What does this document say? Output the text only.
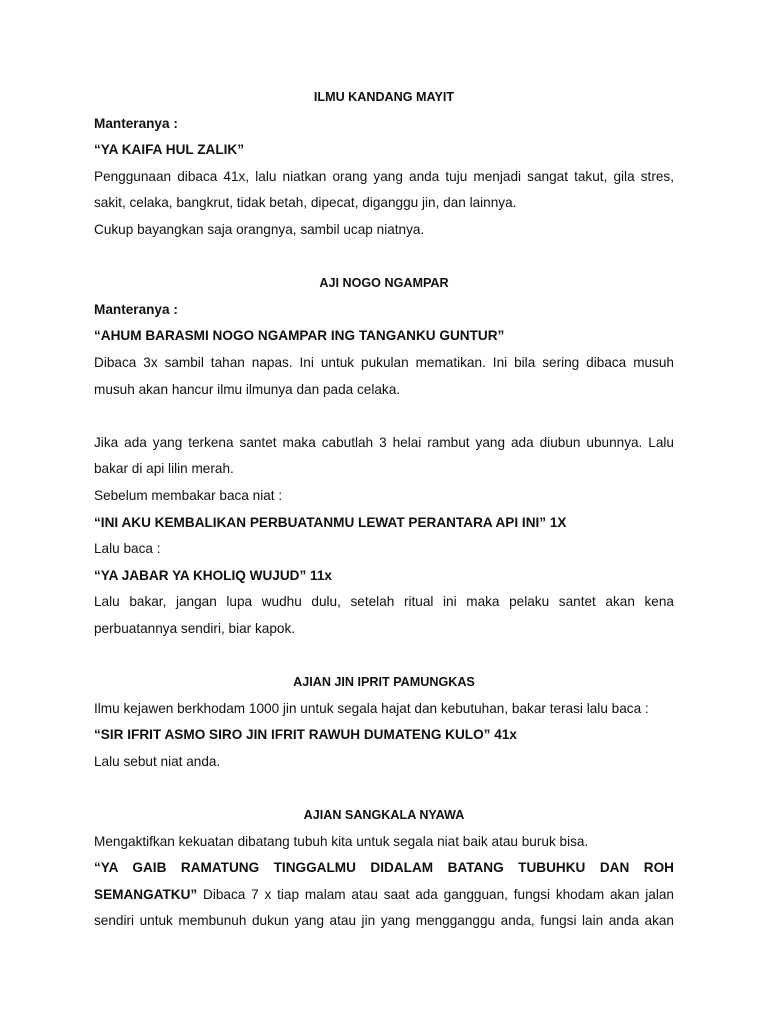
ILMU KANDANG MAYIT
Manteranya :
“YA KAIFA HUL ZALIK”
Penggunaan dibaca 41x, lalu niatkan orang yang anda tuju menjadi sangat takut, gila stres,
sakit, celaka, bangkrut, tidak betah, dipecat, diganggu jin, dan lainnya.
Cukup bayangkan saja orangnya, sambil ucap niatnya.
AJI NOGO NGAMPAR
Manteranya :
“AHUM BARASMI NOGO NGAMPAR ING TANGANKU GUNTUR”
Dibaca 3x sambil tahan napas. Ini untuk pukulan mematikan. Ini bila sering dibaca musuh
musuh akan hancur ilmu ilmunya dan pada celaka.
Jika ada yang terkena santet maka cabutlah 3 helai rambut yang ada diubun ubunnya. Lalu
bakar di api lilin merah.
Sebelum membakar baca niat :
“INI AKU KEMBALIKAN PERBUATANMU LEWAT PERANTARA API INI” 1X
Lalu baca :
“YA JABAR YA KHOLIQ WUJUD” 11x
Lalu bakar, jangan lupa wudhu dulu, setelah ritual ini maka pelaku santet akan kena
perbuatannya sendiri, biar kapok.
AJIAN JIN IPRIT PAMUNGKAS
Ilmu kejawen berkhodam 1000 jin untuk segala hajat dan kebutuhan, bakar terasi lalu baca :
“SIR IFRIT ASMO SIRO JIN IFRIT RAWUH DUMATENG KULO” 41x
Lalu sebut niat anda.
AJIAN SANGKALA NYAWA
Mengaktifkan kekuatan dibatang tubuh kita untuk segala niat baik atau buruk bisa.
“YA GAIB RAMATUNG TINGGALMU DIDALAM BATANG TUBUHKU DAN ROH
SEMANGATKU” Dibaca 7 x tiap malam atau saat ada gangguan, fungsi khodam akan jalan
sendiri untuk membunuh dukun yang atau jin yang mengganggu anda, fungsi lain anda akan
